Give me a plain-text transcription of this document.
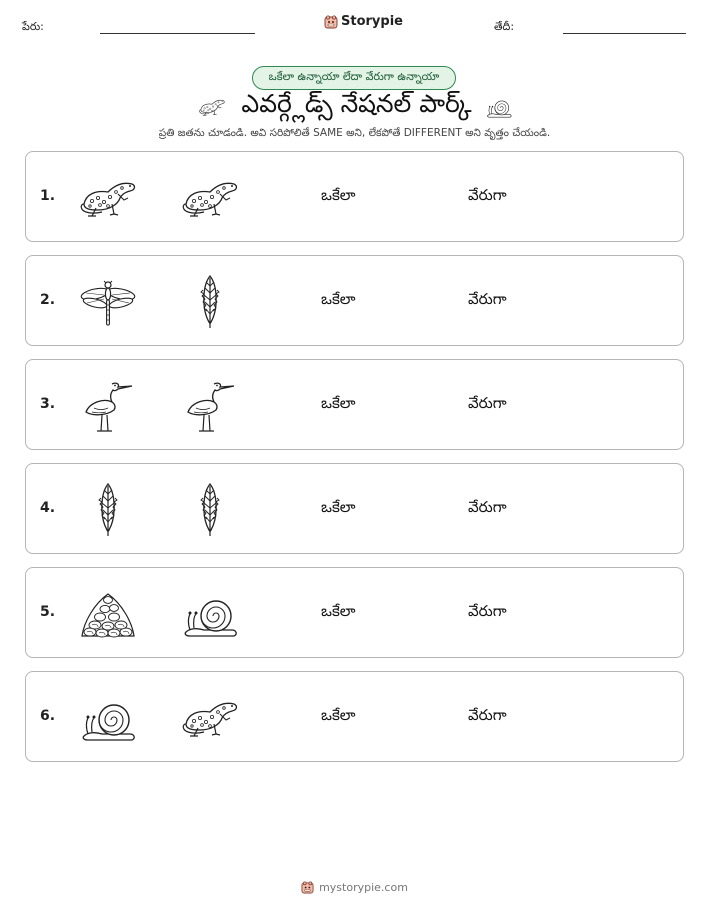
పేరు:	Storypie	తేదీ:
ఒకేలా ఉన్నాయా లేదా వేరుగా ఉన్నాయా
ఎవర్గ్లేడ్స్ నేషనల్ పార్క్
ప్రతి జతను చూడండి. అవి సరిపోలితే SAME అని, లేకపోతే DIFFERENT అని వృత్తం చేయండి.
1.	ఒకేలా	వేరుగా
2.	ఒకేలా	వేరుగా
3.	ఒకేలా	వేరుగా
4.	ఒకేలా	వేరుగా
5.	ఒకేలా	వేరుగా
6.	ఒకేలా	వేరుగా
mystorypie.com
